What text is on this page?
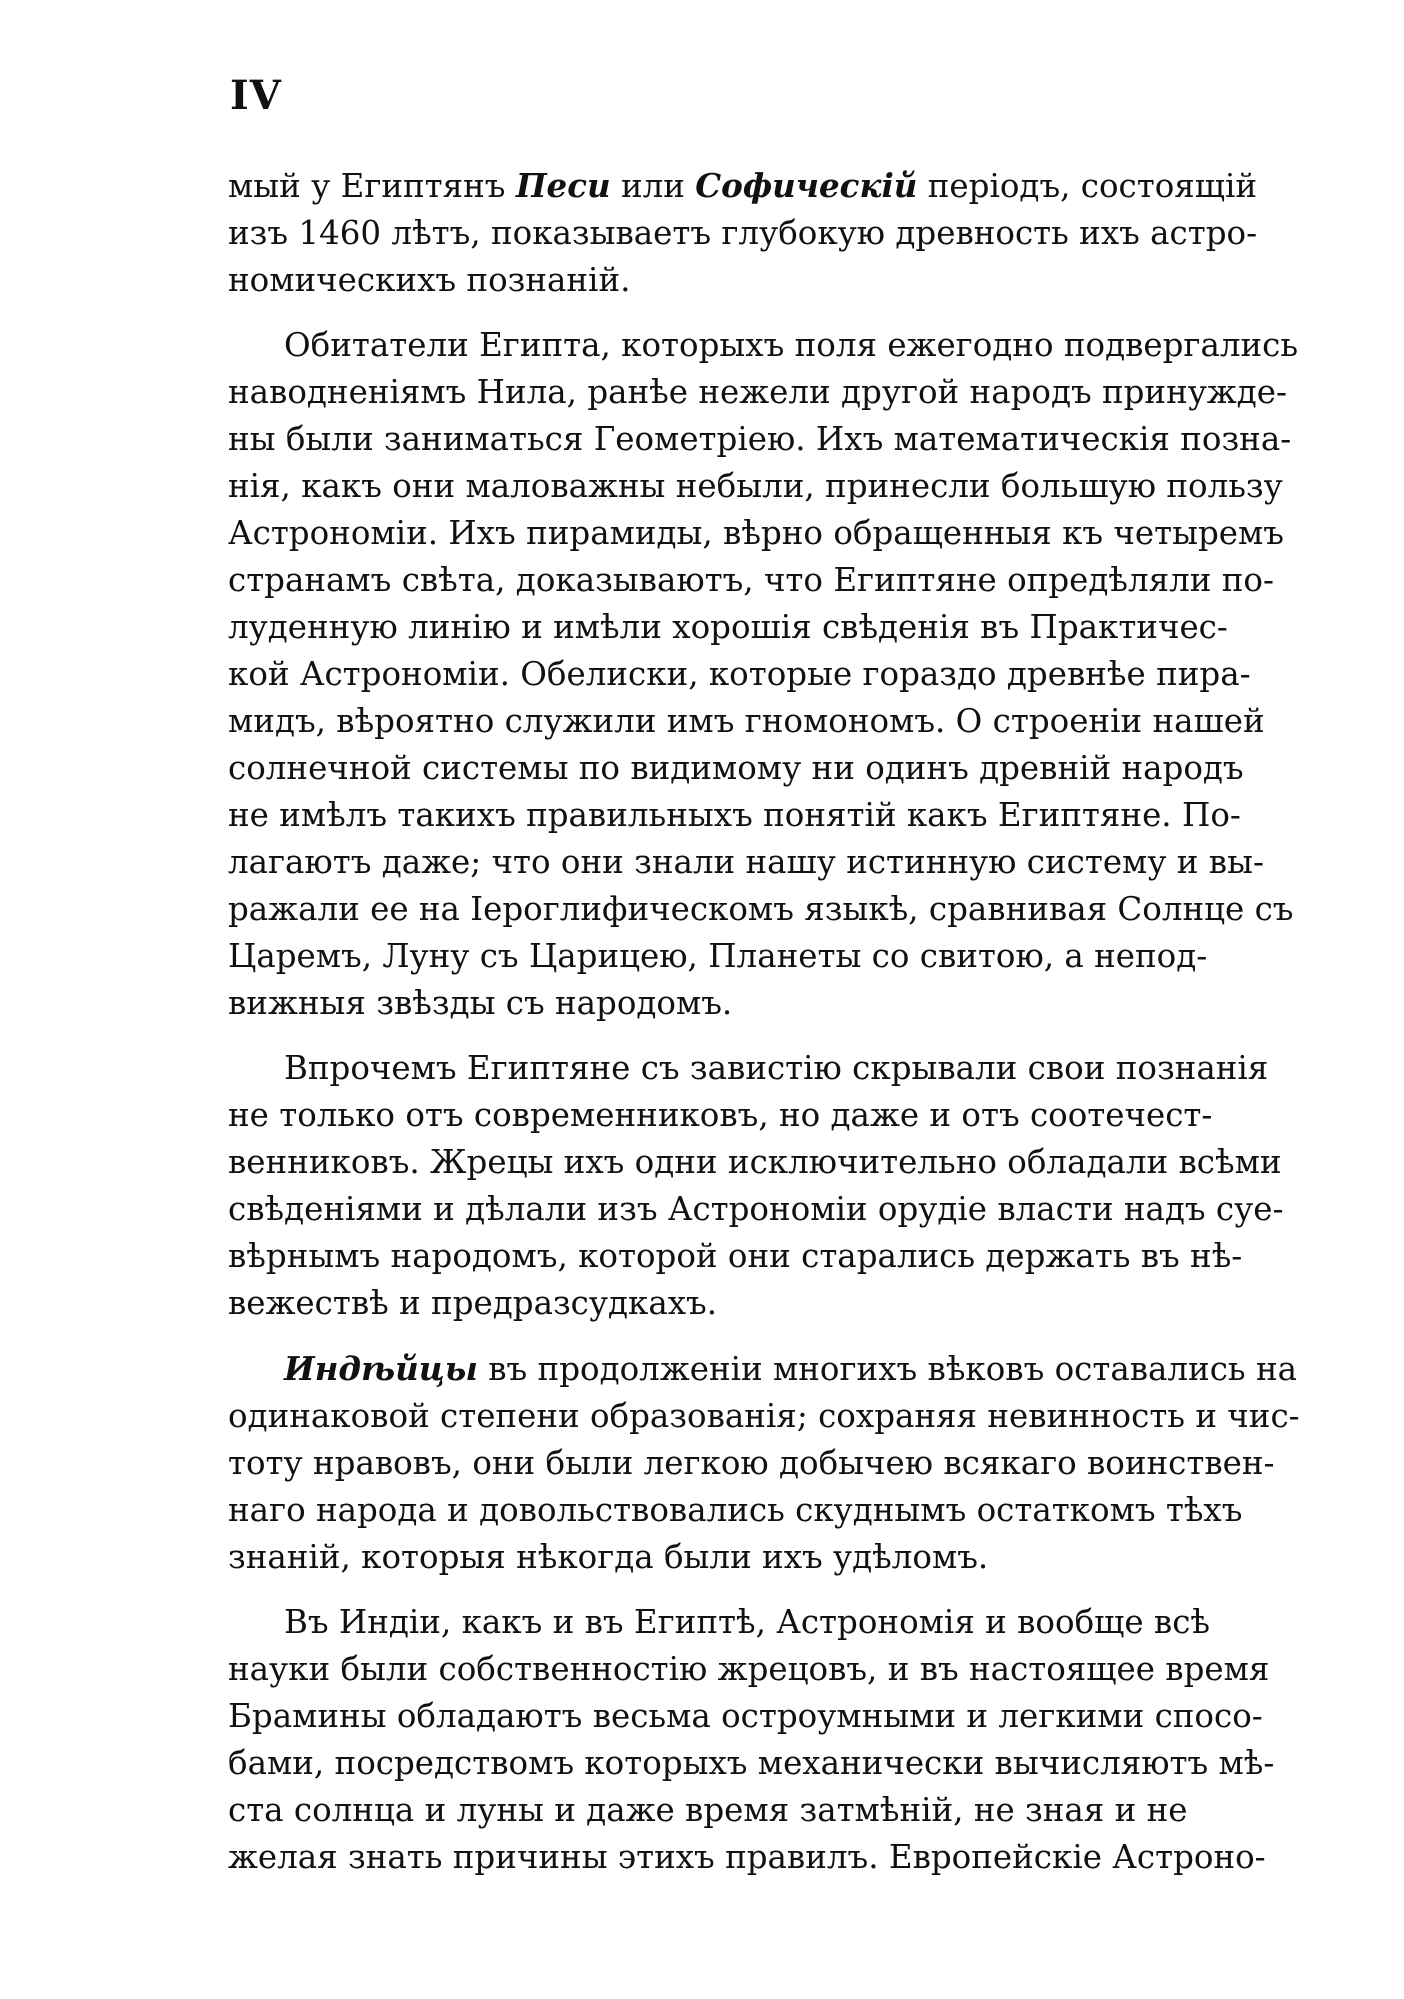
IV
мый у Египтянъ Песи или Софическій періодъ, состоящій
изъ 1460 лѣтъ, показываетъ глубокую древность ихъ астро-
номическихъ познаній.
Обитатели Египта, которыхъ поля ежегодно подвергались
наводненіямъ Нила, ранѣе нежели другой народъ принужде-
ны были заниматься Геометріею. Ихъ математическія позна-
нія, какъ они маловажны небыли, принесли большую пользу
Астрономіи. Ихъ пирамиды, вѣрно обращенныя къ четыремъ
странамъ свѣта, доказываютъ, что Египтяне опредѣляли по-
луденную линію и имѣли хорошія свѣденія въ Практичес-
кой Астрономіи. Обелиски, которые гораздо древнѣе пира-
мидъ, вѣроятно служили имъ гномономъ. О строеніи нашей
солнечной системы по видимому ни одинъ древній народъ
не имѣлъ такихъ правильныхъ понятій какъ Египтяне. По-
лагаютъ даже; что они знали нашу истинную систему и вы-
ражали ее на Іероглифическомъ языкѣ, сравнивая Солнце съ
Царемъ, Луну съ Царицею, Планеты со свитою, а непод-
вижныя звѣзды съ народомъ.
Впрочемъ Египтяне съ завистію скрывали свои познанія
не только отъ современниковъ, но даже и отъ соотечест-
венниковъ. Жрецы ихъ одни исключительно обладали всѣми
свѣденіями и дѣлали изъ Астрономіи орудіе власти надъ суе-
вѣрнымъ народомъ, которой они старались держать въ нѣ-
вежествѣ и предразсудкахъ.
Индѣйцы въ продолженіи многихъ вѣковъ оставались на
одинаковой степени образованія; сохраняя невинность и чис-
тоту нравовъ, они были легкою добычею всякаго воинствен-
наго народа и довольствовались скуднымъ остаткомъ тѣхъ
знаній, которыя нѣкогда были ихъ удѣломъ.
Въ Индіи, какъ и въ Египтѣ, Астрономія и вообще всѣ
науки были собственностію жрецовъ, и въ настоящее время
Брамины обладаютъ весьма остроумными и легкими спосо-
бами, посредствомъ которыхъ механически вычисляютъ мѣ-
ста солнца и луны и даже время затмѣній, не зная и не
желая знать причины этихъ правилъ. Европейскіе Астроно-
